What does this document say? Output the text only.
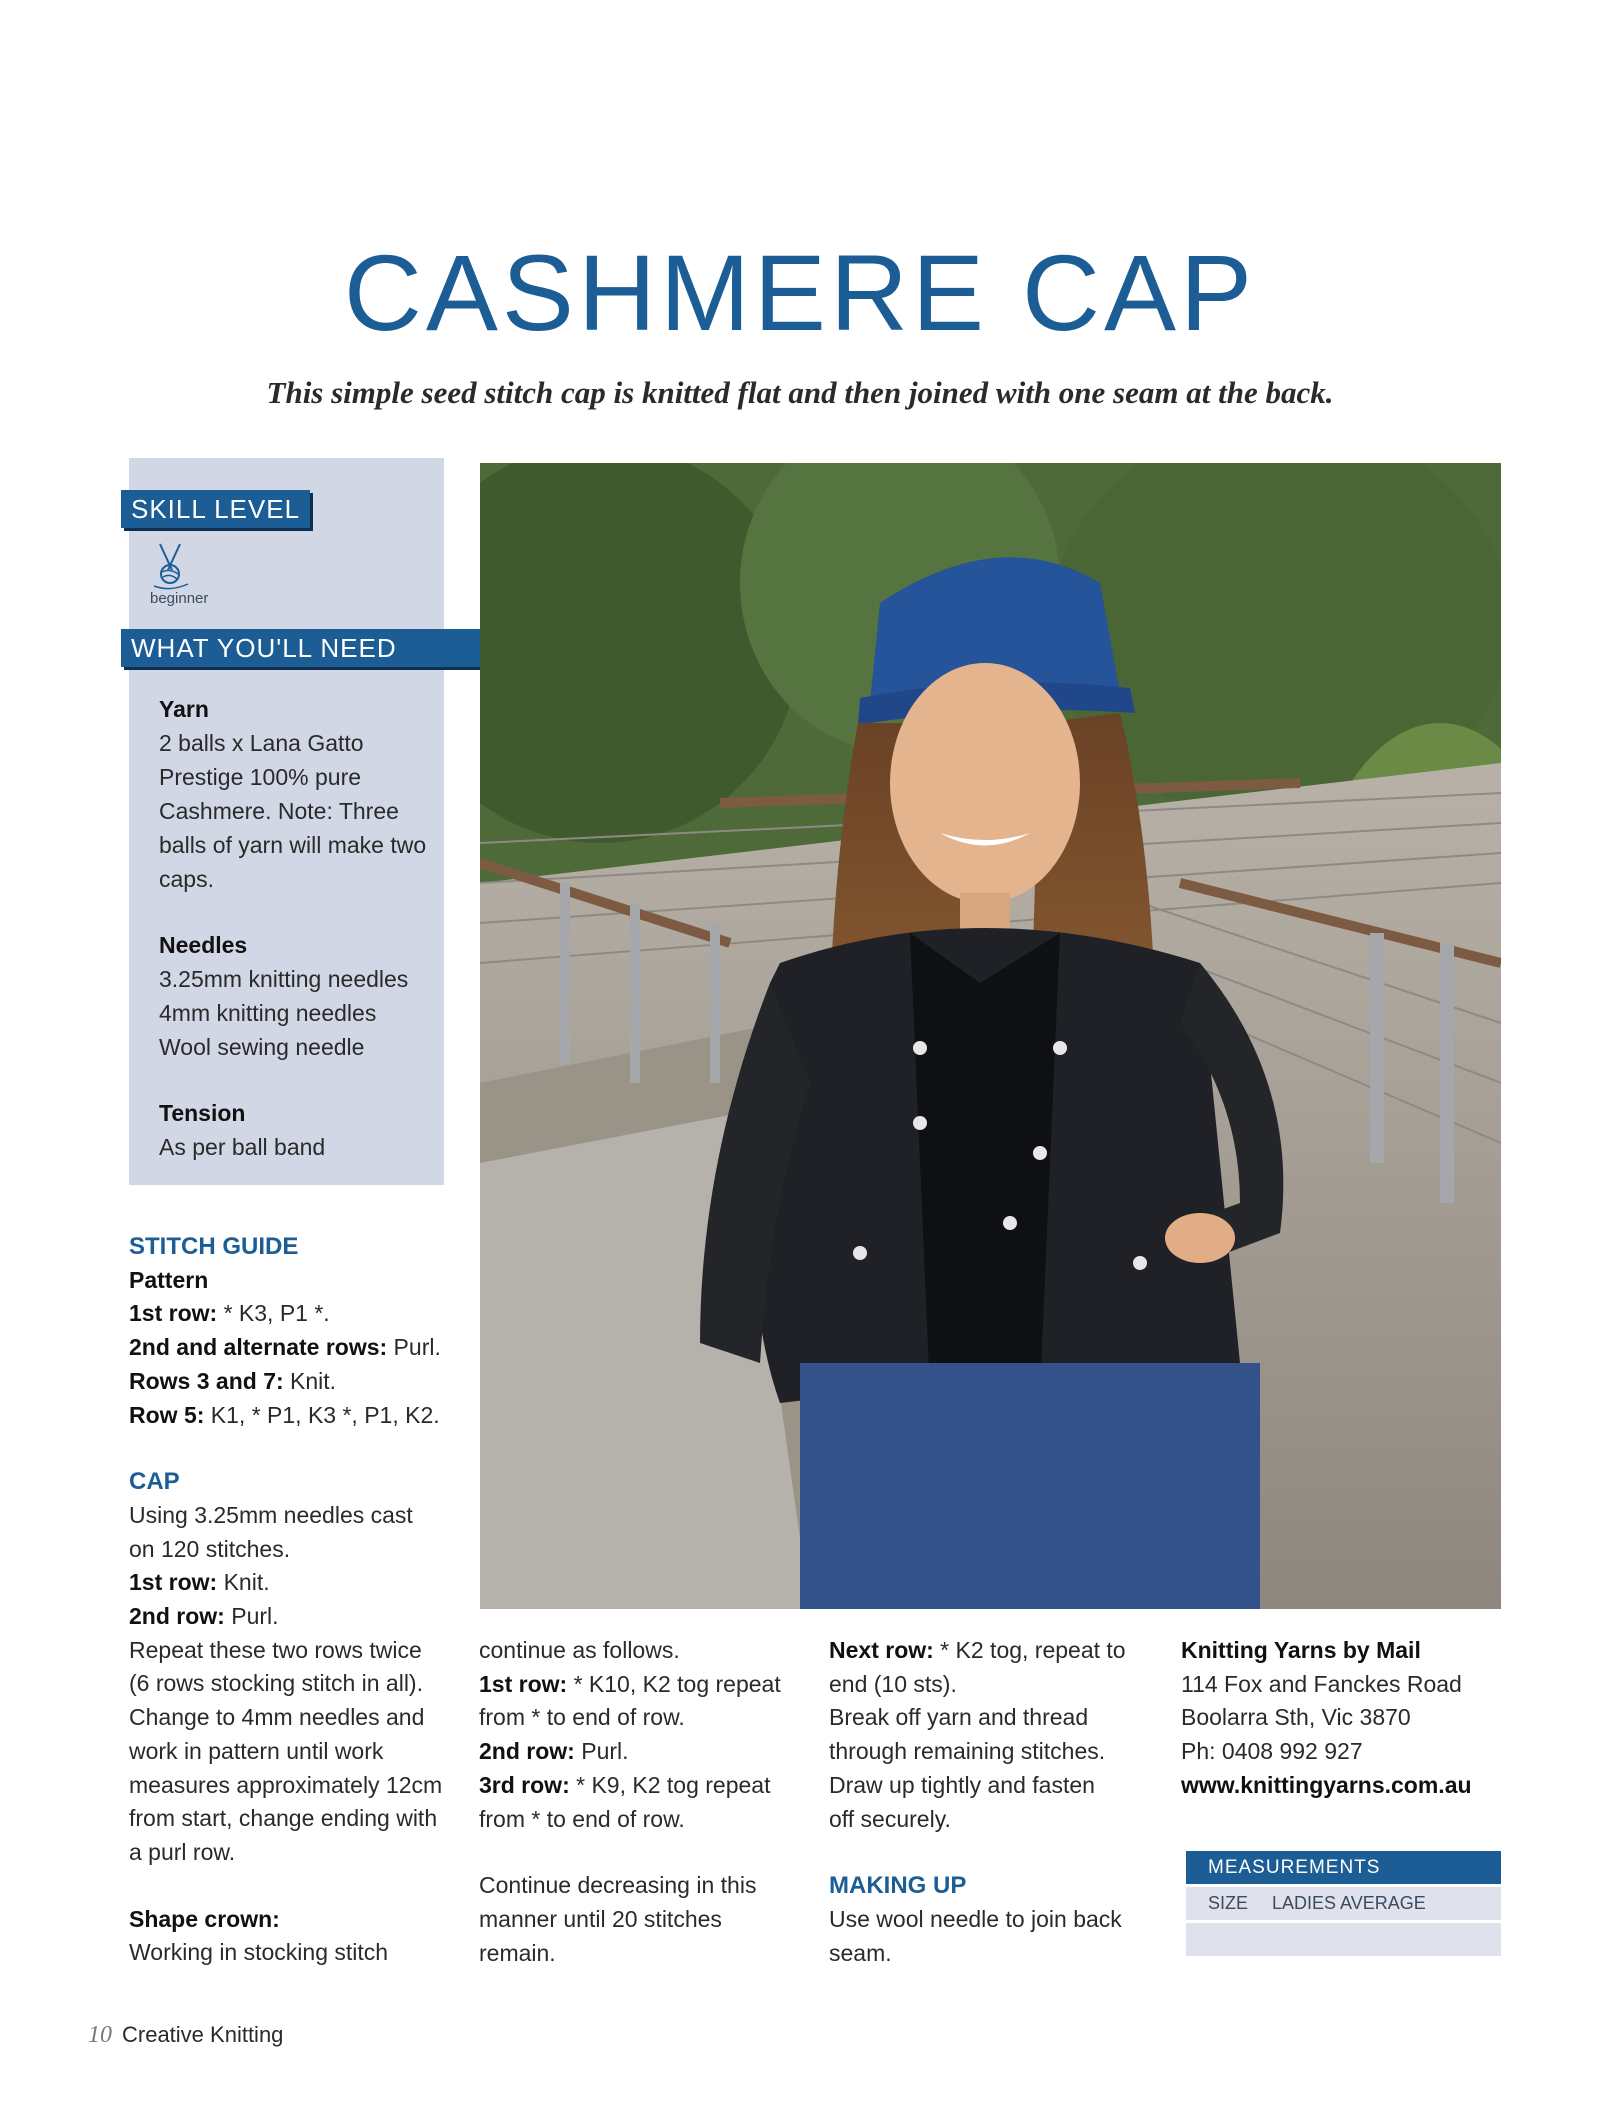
CASHMERE CAP
This simple seed stitch cap is knitted flat and then joined with one seam at the back.
SKILL LEVEL
beginner
WHAT YOU'LL NEED
Yarn
2 balls x Lana Gatto
Prestige 100% pure
Cashmere. Note: Three
balls of yarn will make two
caps.
Needles
3.25mm knitting needles
4mm knitting needles
Wool sewing needle
Tension
As per ball band
STITCH GUIDE
Pattern
1st row: * K3, P1 *.
2nd and alternate rows: Purl.
Rows 3 and 7: Knit.
Row 5: K1, * P1, K3 *, P1, K2.
CAP
Using 3.25mm needles cast
on 120 stitches.
1st row: Knit.
2nd row: Purl.
Repeat these two rows twice
(6 rows stocking stitch in all).
Change to 4mm needles and
work in pattern until work
measures approximately 12cm
from start, change ending with
a purl row.
Shape crown:
Working in stocking stitch
continue as follows.
1st row: * K10, K2 tog repeat
from * to end of row.
2nd row: Purl.
3rd row: * K9, K2 tog repeat
from * to end of row.
Continue decreasing in this
manner until 20 stitches
remain.
Next row: * K2 tog, repeat to
end (10 sts).
Break off yarn and thread
through remaining stitches.
Draw up tightly and fasten
off securely.
MAKING UP
Use wool needle to join back
seam.
Knitting Yarns by Mail
114 Fox and Fanckes Road
Boolarra Sth, Vic 3870
Ph: 0408 992 927
www.knittingyarns.com.au
MEASUREMENTS
SIZE LADIES AVERAGE
10 Creative Knitting
